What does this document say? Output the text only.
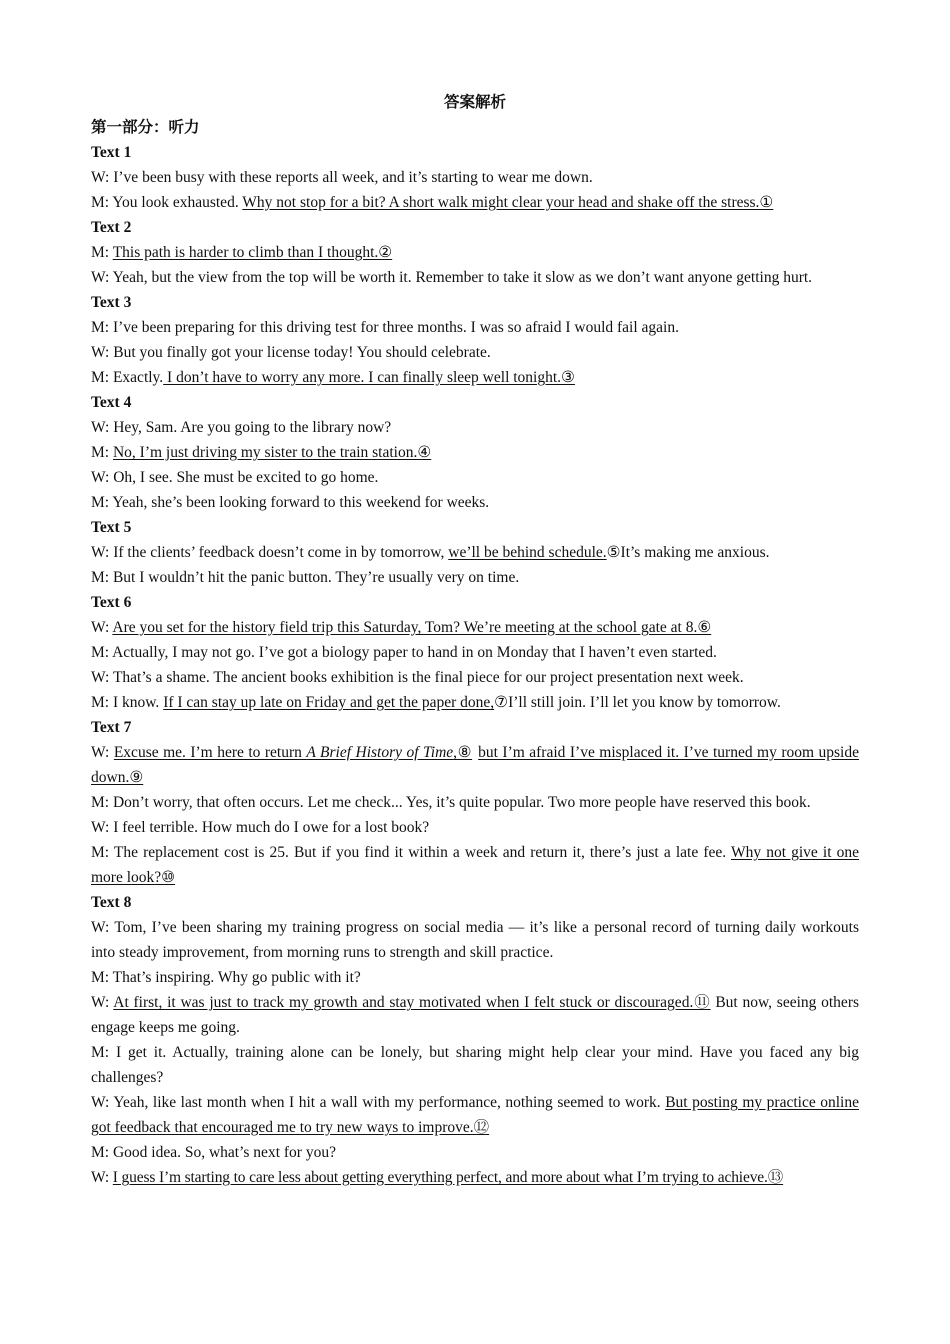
答案解析
第一部分：听力
Text 1
W: I’ve been busy with these reports all week, and it’s starting to wear me down.
M: You look exhausted. Why not stop for a bit? A short walk might clear your head and shake off the stress.①
Text 2
M: This path is harder to climb than I thought.②
W: Yeah, but the view from the top will be worth it. Remember to take it slow as we don’t want anyone getting hurt.
Text 3
M: I’ve been preparing for this driving test for three months. I was so afraid I would fail again.
W: But you finally got your license today! You should celebrate.
M: Exactly. I don’t have to worry any more. I can finally sleep well tonight.③
Text 4
W: Hey, Sam. Are you going to the library now?
M: No, I’m just driving my sister to the train station.④
W: Oh, I see. She must be excited to go home.
M: Yeah, she’s been looking forward to this weekend for weeks.
Text 5
W: If the clients’ feedback doesn’t come in by tomorrow, we’ll be behind schedule.⑤It’s making me anxious.
M: But I wouldn’t hit the panic button. They’re usually very on time.
Text 6
W: Are you set for the history field trip this Saturday, Tom? We’re meeting at the school gate at 8.⑥
M: Actually, I may not go. I’ve got a biology paper to hand in on Monday that I haven’t even started.
W: That’s a shame. The ancient books exhibition is the final piece for our project presentation next week.
M: I know. If I can stay up late on Friday and get the paper done,⑦I’ll still join. I’ll let you know by tomorrow.
Text 7
W: Excuse me. I’m here to return A Brief History of Time,⑧ but I’m afraid I’ve misplaced it. I’ve turned my room upside down.⑨
M: Don’t worry, that often occurs. Let me check... Yes, it’s quite popular. Two more people have reserved this book.
W: I feel terrible. How much do I owe for a lost book?
M: The replacement cost is 25. But if you find it within a week and return it, there’s just a late fee. Why not give it one more look?⑩
Text 8
W: Tom, I’ve been sharing my training progress on social media — it’s like a personal record of turning daily workouts into steady improvement, from morning runs to strength and skill practice.
M: That’s inspiring. Why go public with it?
W: At first, it was just to track my growth and stay motivated when I felt stuck or discouraged.⑪ But now, seeing others engage keeps me going.
M: I get it. Actually, training alone can be lonely, but sharing might help clear your mind. Have you faced any big challenges?
W: Yeah, like last month when I hit a wall with my performance, nothing seemed to work. But posting my practice online got feedback that encouraged me to try new ways to improve.⑫
M: Good idea. So, what’s next for you?
W: I guess I’m starting to care less about getting everything perfect, and more about what I’m trying to achieve.⑬
